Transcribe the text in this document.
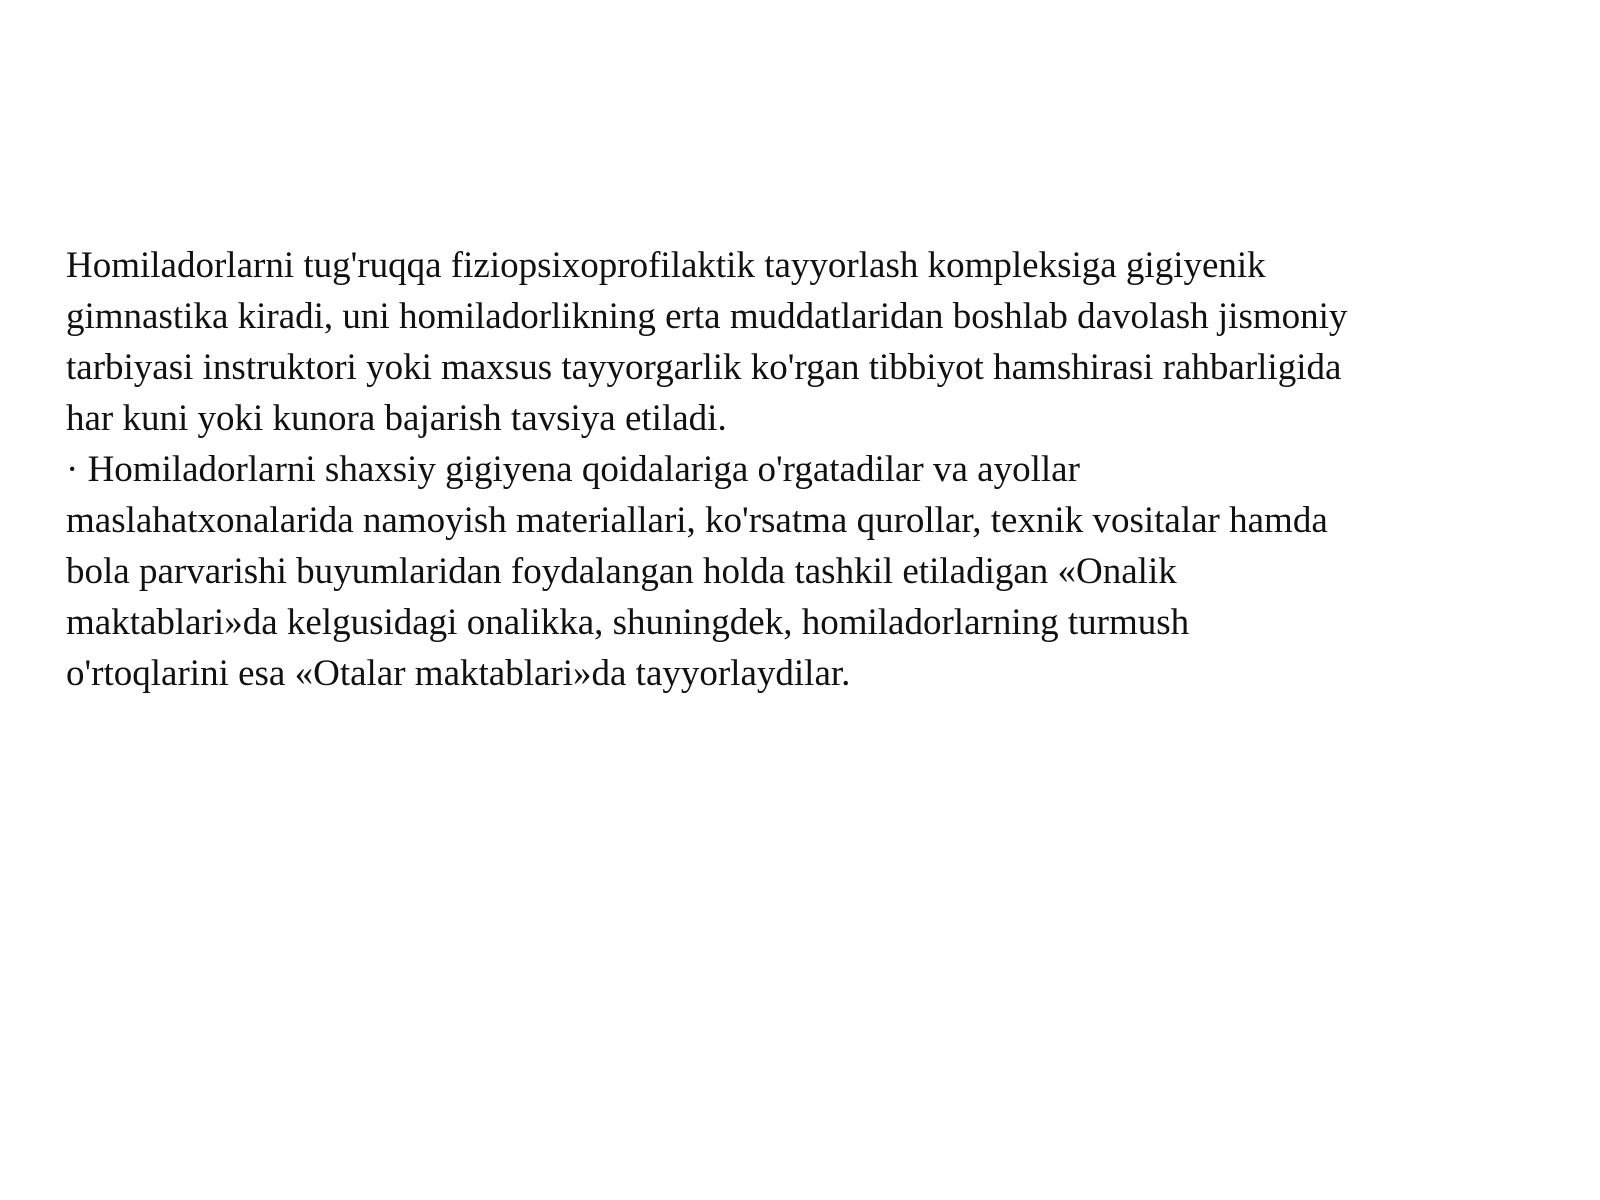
Homiladorlarni tug'ruqqa fiziopsixoprofilaktik tayyorlash kompleksiga gigiyenik
gimnastika kiradi, uni homiladorlikning erta muddatlaridan boshlab davolash jismoniy
tarbiyasi instruktori yoki maxsus tayyorgarlik ko'rgan tibbiyot hamshirasi rahbarligida
har kuni yoki kunora bajarish tavsiya etiladi.
· Homiladorlarni shaxsiy gigiyena qoidalariga o'rgatadilar va ayollar
maslahatxonalarida namoyish materiallari, ko'rsatma qurollar, texnik vositalar hamda
bola parvarishi buyumlaridan foydalangan holda tashkil etiladigan «Onalik
maktablari»da kelgusidagi onalikka, shuningdek, homiladorlarning turmush
o'rtoqlarini esa «Otalar maktablari»da tayyorlaydilar.
